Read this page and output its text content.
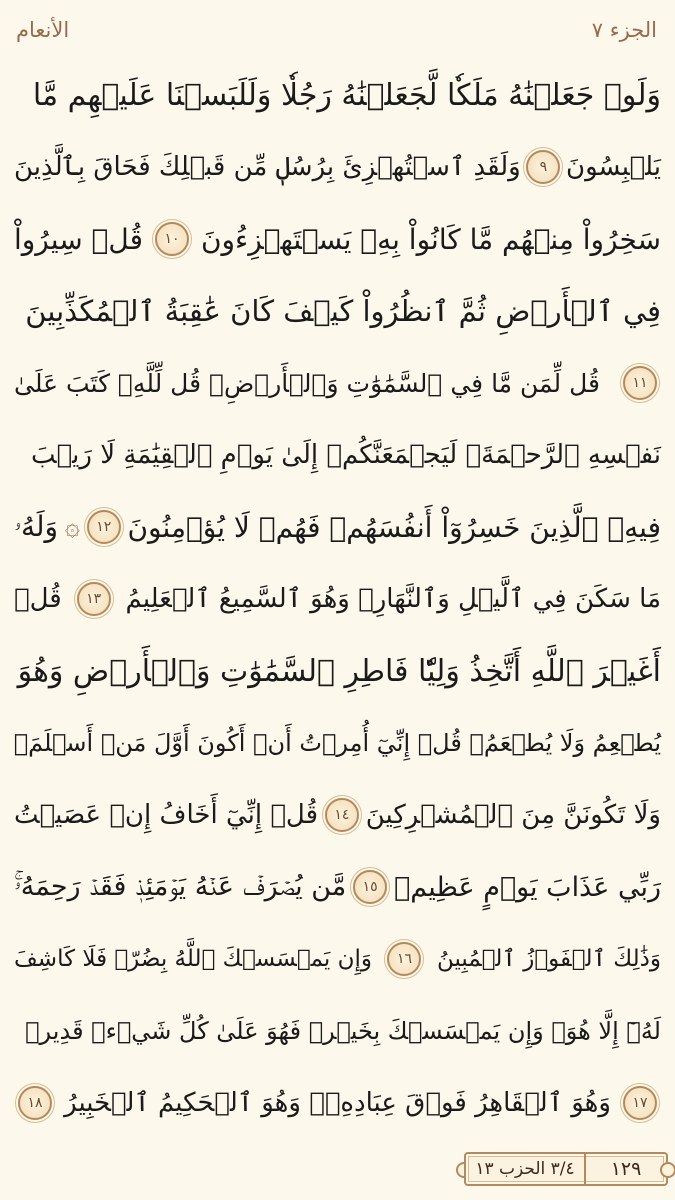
الأنعام	الجزء ٧
وَلَوۡ جَعَلۡنَٰهُ مَلَكٗا لَّجَعَلۡنَٰهُ رَجُلٗا وَلَلَبَسۡنَا عَلَيۡهِم مَّا
يَلۡبِسُونَ
٩
وَلَقَدِ ٱسۡتُهۡزِئَ بِرُسُلٖ مِّن قَبۡلِكَ فَحَاقَ بِٱلَّذِينَ
سَخِرُواْ مِنۡهُم مَّا كَانُواْ بِهِۦ يَسۡتَهۡزِءُونَ
١٠
قُلۡ سِيرُواْ
فِي ٱلۡأَرۡضِ ثُمَّ ٱنظُرُواْ كَيۡفَ كَانَ عَٰقِبَةُ ٱلۡمُكَذِّبِينَ
١١
قُل لِّمَن مَّا فِي ٱلسَّمَٰوَٰتِ وَٱلۡأَرۡضِۖ قُل لِّلَّهِۚ كَتَبَ عَلَىٰ
نَفۡسِهِ ٱلرَّحۡمَةَۚ لَيَجۡمَعَنَّكُمۡ إِلَىٰ يَوۡمِ ٱلۡقِيَٰمَةِ لَا رَيۡبَ
فِيهِۚ ٱلَّذِينَ خَسِرُوٓاْ أَنفُسَهُمۡ فَهُمۡ لَا يُؤۡمِنُونَ
١٢
۞
وَلَهُۥ
مَا سَكَنَ فِي ٱلَّيۡلِ وَٱلنَّهَارِۚ وَهُوَ ٱلسَّمِيعُ ٱلۡعَلِيمُ
١٣
قُلۡ
أَغَيۡرَ ٱللَّهِ أَتَّخِذُ وَلِيّٗا فَاطِرِ ٱلسَّمَٰوَٰتِ وَٱلۡأَرۡضِ وَهُوَ
يُطۡعِمُ وَلَا يُطۡعَمُۗ قُلۡ إِنِّيٓ أُمِرۡتُ أَنۡ أَكُونَ أَوَّلَ مَنۡ أَسۡلَمَۖ
وَلَا تَكُونَنَّ مِنَ ٱلۡمُشۡرِكِينَ
١٤
قُلۡ إِنِّيٓ أَخَافُ إِنۡ عَصَيۡتُ
رَبِّي عَذَابَ يَوۡمٍ عَظِيمٖ
١٥
مَّن يُصۡرَفۡ عَنۡهُ يَوۡمَئِذٖ فَقَدۡ رَحِمَهُۥۚ
وَذَٰلِكَ ٱلۡفَوۡزُ ٱلۡمُبِينُ
١٦
وَإِن يَمۡسَسۡكَ ٱللَّهُ بِضُرّٖ فَلَا كَاشِفَ
لَهُۥٓ إِلَّا هُوَۖ وَإِن يَمۡسَسۡكَ بِخَيۡرٖ فَهُوَ عَلَىٰ كُلِّ شَيۡءٖ قَدِيرٞ
١٧
وَهُوَ ٱلۡقَاهِرُ فَوۡقَ عِبَادِهِۦۚ وَهُوَ ٱلۡحَكِيمُ ٱلۡخَبِيرُ
١٨
٣/٤ الحزب ١٣	١٢٩
